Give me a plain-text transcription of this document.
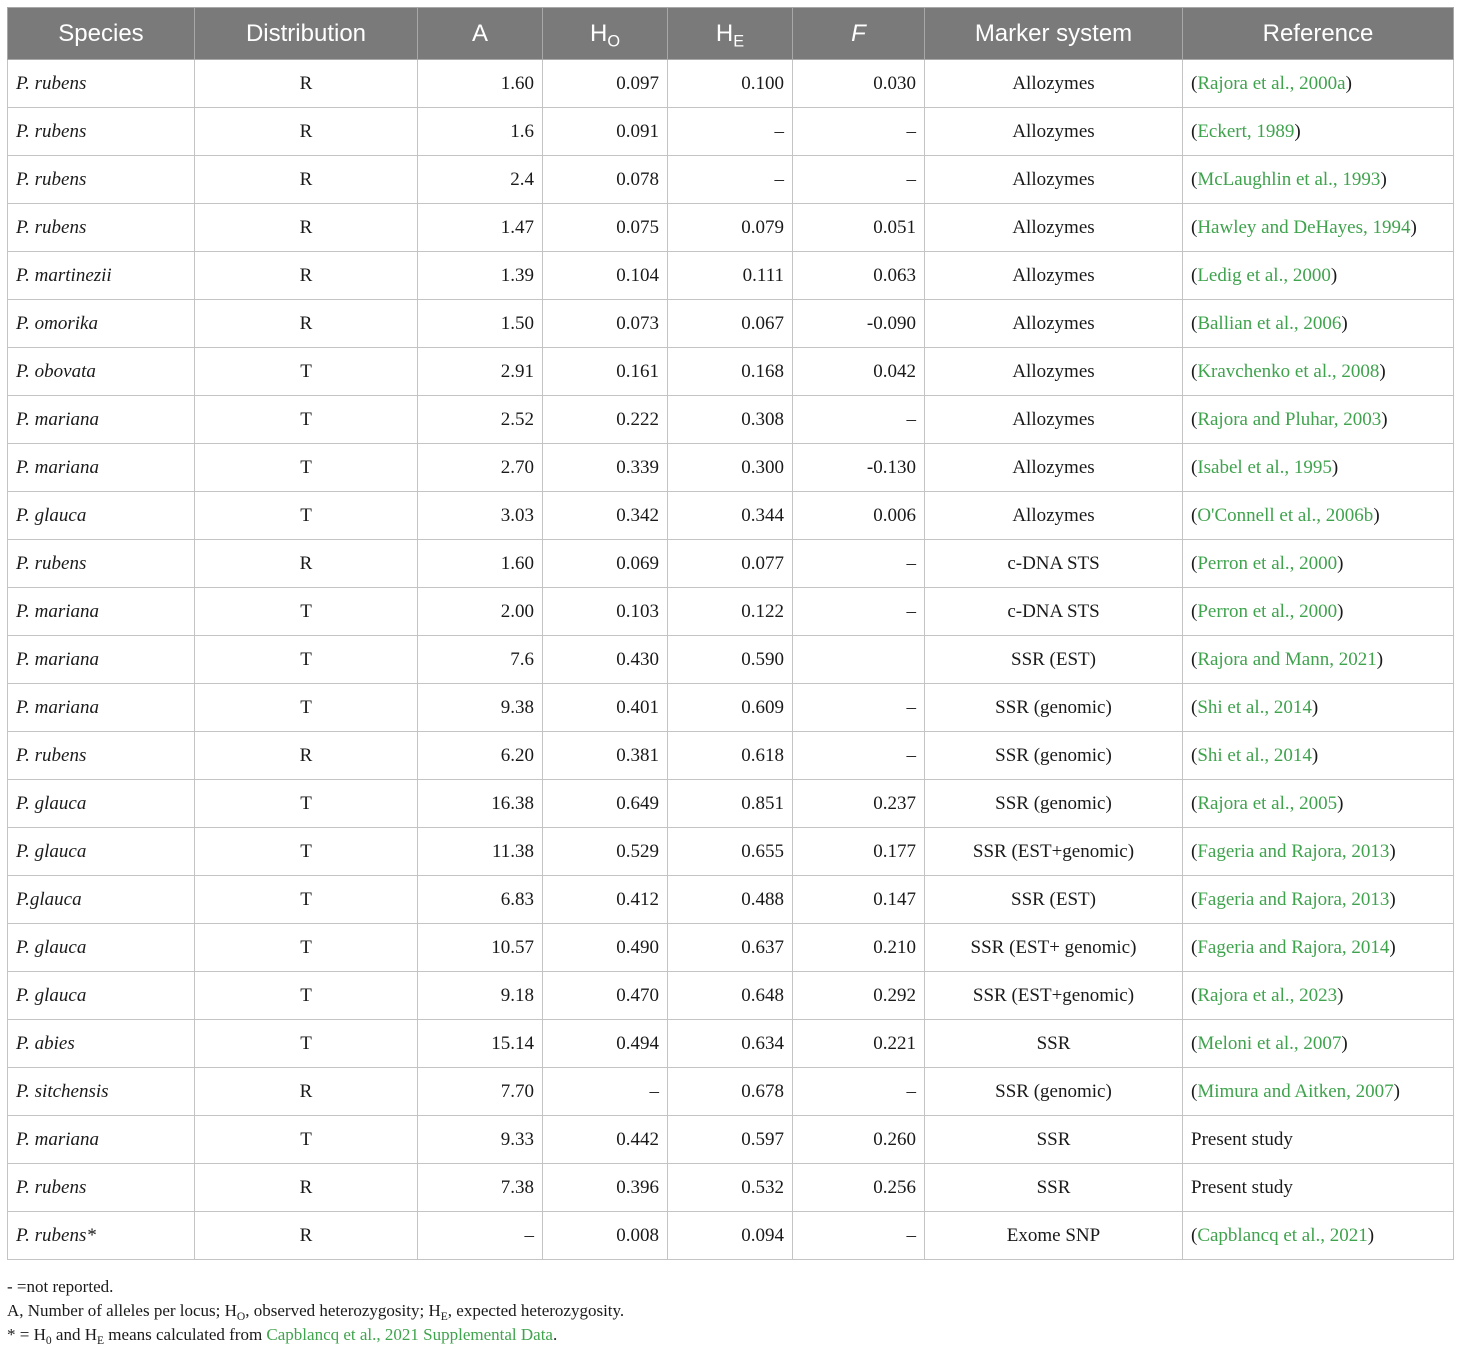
Species	Distribution	A	$H_O$	$H_E$	F	Marker system	Reference
P. rubens	R	1.60	0.097	0.100	0.030	Allozymes	(Rajora et al., 2000a)
P. rubens	R	1.6	0.091	–	–	Allozymes	(Eckert, 1989)
P. rubens	R	2.4	0.078	–	–	Allozymes	(McLaughlin et al., 1993)
P. rubens	R	1.47	0.075	0.079	0.051	Allozymes	(Hawley and DeHayes, 1994)
P. martinezii	R	1.39	0.104	0.111	0.063	Allozymes	(Ledig et al., 2000)
P. omorika	R	1.50	0.073	0.067	-0.090	Allozymes	(Ballian et al., 2006)
P. obovata	T	2.91	0.161	0.168	0.042	Allozymes	(Kravchenko et al., 2008)
P. mariana	T	2.52	0.222	0.308	–	Allozymes	(Rajora and Pluhar, 2003)
P. mariana	T	2.70	0.339	0.300	-0.130	Allozymes	(Isabel et al., 1995)
P. glauca	T	3.03	0.342	0.344	0.006	Allozymes	(O'Connell et al., 2006b)
P. rubens	R	1.60	0.069	0.077	–	c-DNA STS	(Perron et al., 2000)
P. mariana	T	2.00	0.103	0.122	–	c-DNA STS	(Perron et al., 2000)
P. mariana	T	7.6	0.430	0.590		SSR (EST)	(Rajora and Mann, 2021)
P. mariana	T	9.38	0.401	0.609	–	SSR (genomic)	(Shi et al., 2014)
P. rubens	R	6.20	0.381	0.618	–	SSR (genomic)	(Shi et al., 2014)
P. glauca	T	16.38	0.649	0.851	0.237	SSR (genomic)	(Rajora et al., 2005)
P. glauca	T	11.38	0.529	0.655	0.177	SSR (EST+genomic)	(Fageria and Rajora, 2013)
P.glauca	T	6.83	0.412	0.488	0.147	SSR (EST)	(Fageria and Rajora, 2013)
P. glauca	T	10.57	0.490	0.637	0.210	SSR (EST+ genomic)	(Fageria and Rajora, 2014)
P. glauca	T	9.18	0.470	0.648	0.292	SSR (EST+genomic)	(Rajora et al., 2023)
P. abies	T	15.14	0.494	0.634	0.221	SSR	(Meloni et al., 2007)
P. sitchensis	R	7.70	–	0.678	–	SSR (genomic)	(Mimura and Aitken, 2007)
P. mariana	T	9.33	0.442	0.597	0.260	SSR	Present study
P. rubens	R	7.38	0.396	0.532	0.256	SSR	Present study
P. rubens*	R	–	0.008	0.094	–	Exome SNP	(Capblancq et al., 2021)

- =not reported.

A, Number of alleles per locus; $H_O$, observed heterozygosity; $H_E$, expected heterozygosity.

* = $H_0$ and $H_E$ means calculated from Capblancq et al., 2021 Supplemental Data.
